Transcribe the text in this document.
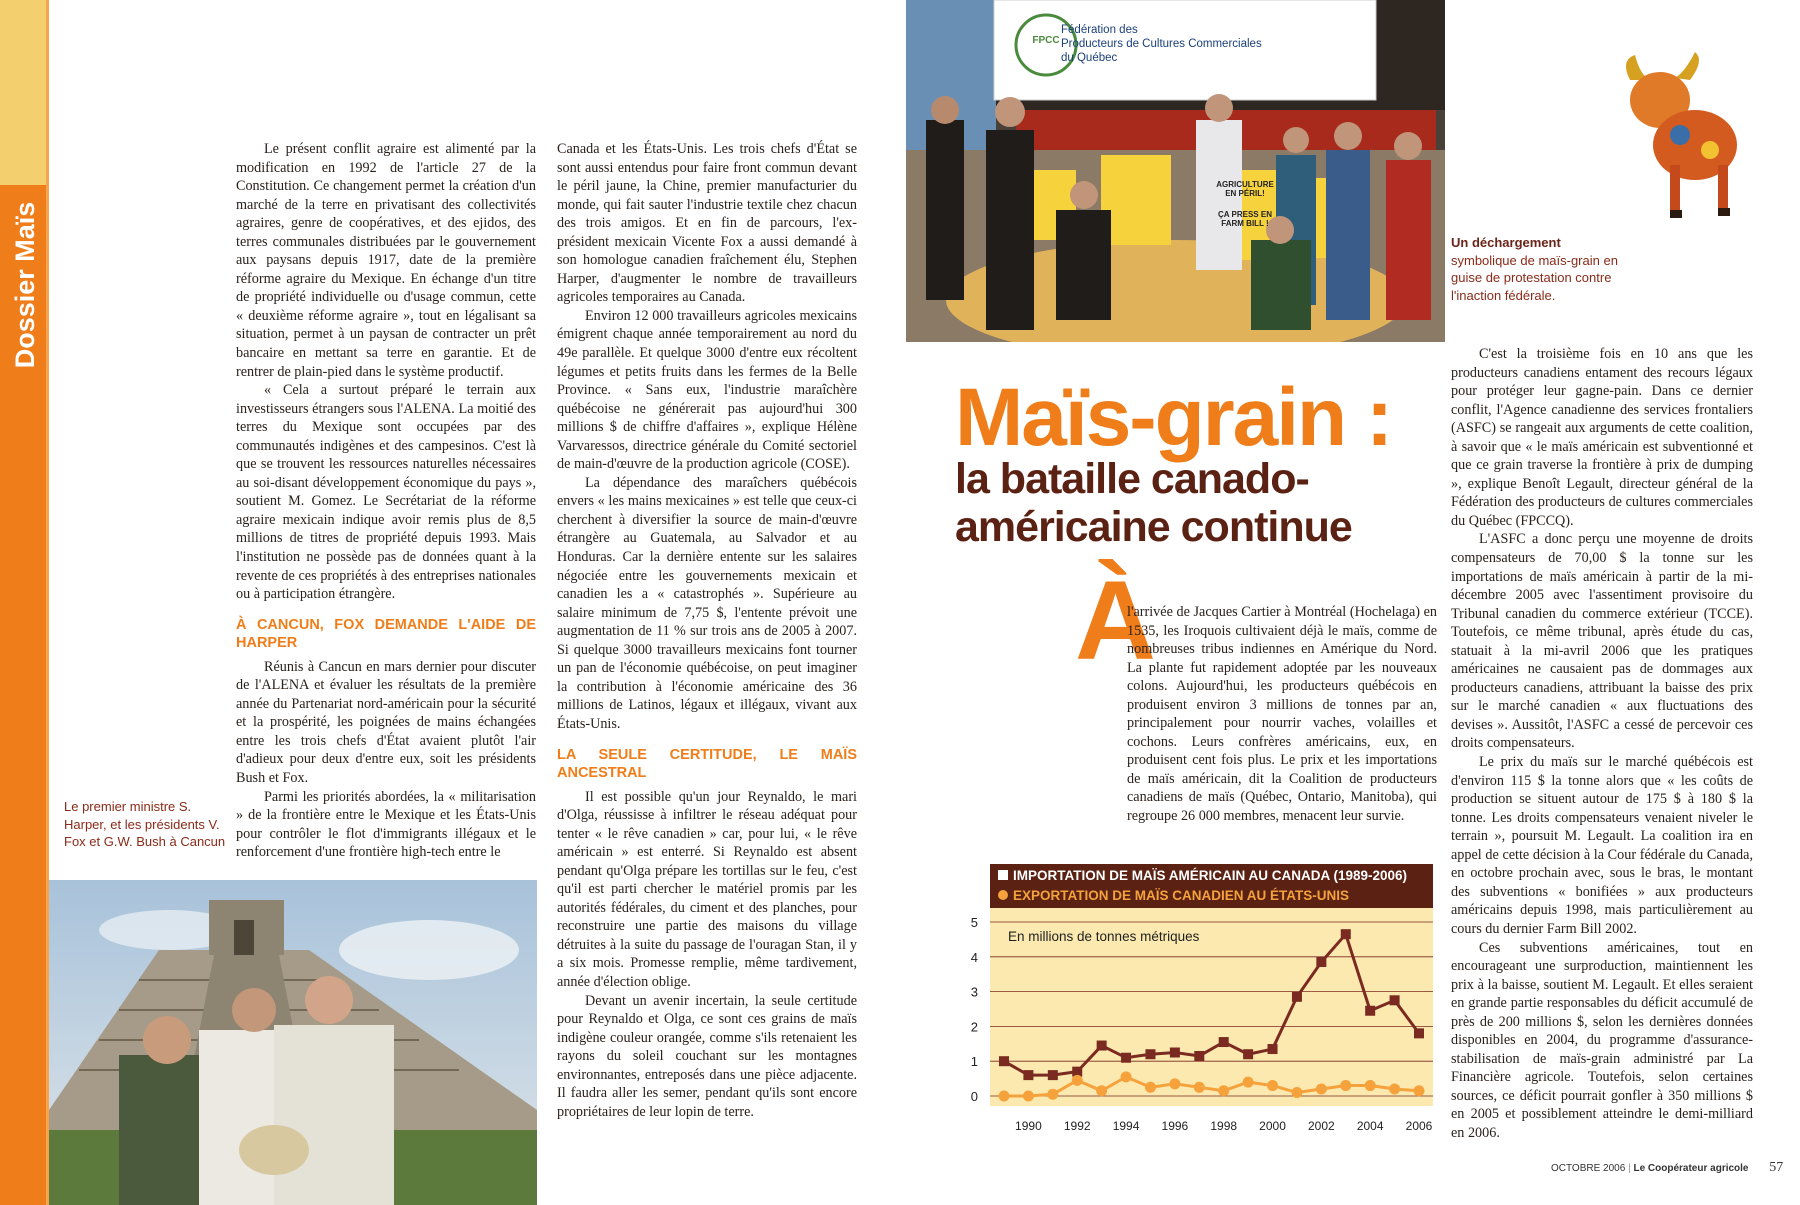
Dossier Maïs

Le présent conflit agraire est alimenté par la modification en 1992 de l'article 27 de la Constitution. Ce changement permet la création d'un marché de la terre en privatisant des collectivités agraires, genre de coopératives, et des ejidos, des terres communales distribuées par le gouvernement aux paysans depuis 1917, date de la première réforme agraire du Mexique. En échange d'un titre de propriété individuelle ou d'usage commun, cette « deuxième réforme agraire », tout en légalisant sa situation, permet à un paysan de contracter un prêt bancaire en mettant sa terre en garantie. Et de rentrer de plain-pied dans le système productif.

« Cela a surtout préparé le terrain aux investisseurs étrangers sous l'ALENA. La moitié des terres du Mexique sont occupées par des communautés indigènes et des campesinos. C'est là que se trouvent les ressources naturelles nécessaires au soi-disant développement économique du pays », soutient M. Gomez. Le Secrétariat de la réforme agraire mexicain indique avoir remis plus de 8,5 millions de titres de propriété depuis 1993. Mais l'institution ne possède pas de données quant à la revente de ces propriétés à des entreprises nationales ou à participation étrangère.

À CANCUN, FOX DEMANDE L'AIDE DE HARPER

Réunis à Cancun en mars dernier pour discuter de l'ALENA et évaluer les résultats de la première année du Partenariat nord-américain pour la sécurité et la prospérité, les poignées de mains échangées entre les trois chefs d'État avaient plutôt l'air d'adieux pour deux d'entre eux, soit les présidents Bush et Fox.

Parmi les priorités abordées, la « militarisation » de la frontière entre le Mexique et les États-Unis pour contrôler le flot d'immigrants illégaux et le renforcement d'une frontière high-tech entre le

Le premier ministre S. Harper, et les présidents V. Fox et G.W. Bush à Cancun

Canada et les États-Unis. Les trois chefs d'État se sont aussi entendus pour faire front commun devant le péril jaune, la Chine, premier manufacturier du monde, qui fait sauter l'industrie textile chez chacun des trois amigos. Et en fin de parcours, l'ex-président mexicain Vicente Fox a aussi demandé à son homologue canadien fraîchement élu, Stephen Harper, d'augmenter le nombre de travailleurs agricoles temporaires au Canada.

Environ 12 000 travailleurs agricoles mexicains émigrent chaque année temporairement au nord du 49e parallèle. Et quelque 3000 d'entre eux récoltent légumes et petits fruits dans les fermes de la Belle Province. « Sans eux, l'industrie maraîchère québécoise ne générerait pas aujourd'hui 300 millions $ de chiffre d'affaires », explique Hélène Varvaressos, directrice générale du Comité sectoriel de main-d'œuvre de la production agricole (COSE).

La dépendance des maraîchers québécois envers « les mains mexicaines » est telle que ceux-ci cherchent à diversifier la source de main-d'œuvre étrangère au Guatemala, au Salvador et au Honduras. Car la dernière entente sur les salaires négociée entre les gouvernements mexicain et canadien les a « catastrophés ». Supérieure au salaire minimum de 7,75 $, l'entente prévoit une augmentation de 11 % sur trois ans de 2005 à 2007. Si quelque 3000 travailleurs mexicains font tourner un pan de l'économie québécoise, on peut imaginer la contribution à l'économie américaine des 36 millions de Latinos, légaux et illégaux, vivant aux États-Unis.

LA SEULE CERTITUDE, LE MAÏS ANCESTRAL

Il est possible qu'un jour Reynaldo, le mari d'Olga, réussisse à infiltrer le réseau adéquat pour tenter « le rêve canadien » car, pour lui, « le rêve américain » est enterré. Si Reynaldo est absent pendant qu'Olga prépare les tortillas sur le feu, c'est qu'il est parti chercher le matériel promis par les autorités fédérales, du ciment et des planches, pour reconstruire une partie des maisons du village détruites à la suite du passage de l'ouragan Stan, il y a six mois. Promesse remplie, même tardivement, année d'élection oblige.

Devant un avenir incertain, la seule certitude pour Reynaldo et Olga, ce sont ces grains de maïs indigène couleur orangée, comme s'ils retenaient les rayons du soleil couchant sur les montagnes environnantes, entreposés dans une pièce adjacente. Il faudra aller les semer, pendant qu'ils sont encore propriétaires de leur lopin de terre.

Fédération des
Producteurs de Cultures Commerciales
du Québec
FPCC
AGRICULTURE EN PÉRIL!
ÇA PRESS EN FARM BILL !
Un déchargement
symbolique de maïs-grain en guise de protestation contre l'inaction fédérale.
Maïs-grain :
la bataille canado-
américaine continue
À

l'arrivée de Jacques Cartier à Montréal (Hochelaga) en 1535, les Iroquois cultivaient déjà le maïs, comme de nombreuses tribus indiennes en Amérique du Nord. La plante fut rapidement adoptée par les nouveaux colons. Aujourd'hui, les producteurs québécois en produisent environ 3 millions de tonnes par an, principalement pour nourrir vaches, volailles et cochons. Leurs confrères américains, eux, en produisent cent fois plus. Le prix et les importations de maïs américain, dit la Coalition de producteurs canadiens de maïs (Québec, Ontario, Manitoba), qui regroupe 26 000 membres, menacent leur survie.

IMPORTATION DE MAÏS AMÉRICAIN AU CANADA (1989-2006)
EXPORTATION DE MAÏS CANADIEN AU ÉTATS-UNIS
0
1
2
3
4
5
1990 1992 1994 1996 1998 2000 2002 2004 2006
En millions de tonnes métriques

C'est la troisième fois en 10 ans que les producteurs canadiens entament des recours légaux pour protéger leur gagne-pain. Dans ce dernier conflit, l'Agence canadienne des services frontaliers (ASFC) se rangeait aux arguments de cette coalition, à savoir que « le maïs américain est subventionné et que ce grain traverse la frontière à prix de dumping », explique Benoît Legault, directeur général de la Fédération des producteurs de cultures commerciales du Québec (FPCCQ).

L'ASFC a donc perçu une moyenne de droits compensateurs de 70,00 $ la tonne sur les importations de maïs américain à partir de la mi-décembre 2005 avec l'assentiment provisoire du Tribunal canadien du commerce extérieur (TCCE). Toutefois, ce même tribunal, après étude du cas, statuait à la mi-avril 2006 que les pratiques américaines ne causaient pas de dommages aux producteurs canadiens, attribuant la baisse des prix sur le marché canadien « aux fluctuations des devises ». Aussitôt, l'ASFC a cessé de percevoir ces droits compensateurs.

Le prix du maïs sur le marché québécois est d'environ 115 $ la tonne alors que « les coûts de production se situent autour de 175 $ à 180 $ la tonne. Les droits compensateurs venaient niveler le terrain », poursuit M. Legault. La coalition ira en appel de cette décision à la Cour fédérale du Canada, en octobre prochain avec, sous le bras, le montant des subventions « bonifiées » aux producteurs américains depuis 1998, mais particulièrement au cours du dernier Farm Bill 2002.

Ces subventions américaines, tout en encourageant une surproduction, maintiennent les prix à la baisse, soutient M. Legault. Et elles seraient en grande partie responsables du déficit accumulé de près de 200 millions $, selon les dernières données disponibles en 2004, du programme d'assurance-stabilisation de maïs-grain administré par La Financière agricole. Toutefois, selon certaines sources, ce déficit pourrait gonfler à 350 millions $ en 2005 et possiblement atteindre le demi-milliard en 2006.

OCTOBRE 2006 | Le Coopérateur agricole 57
